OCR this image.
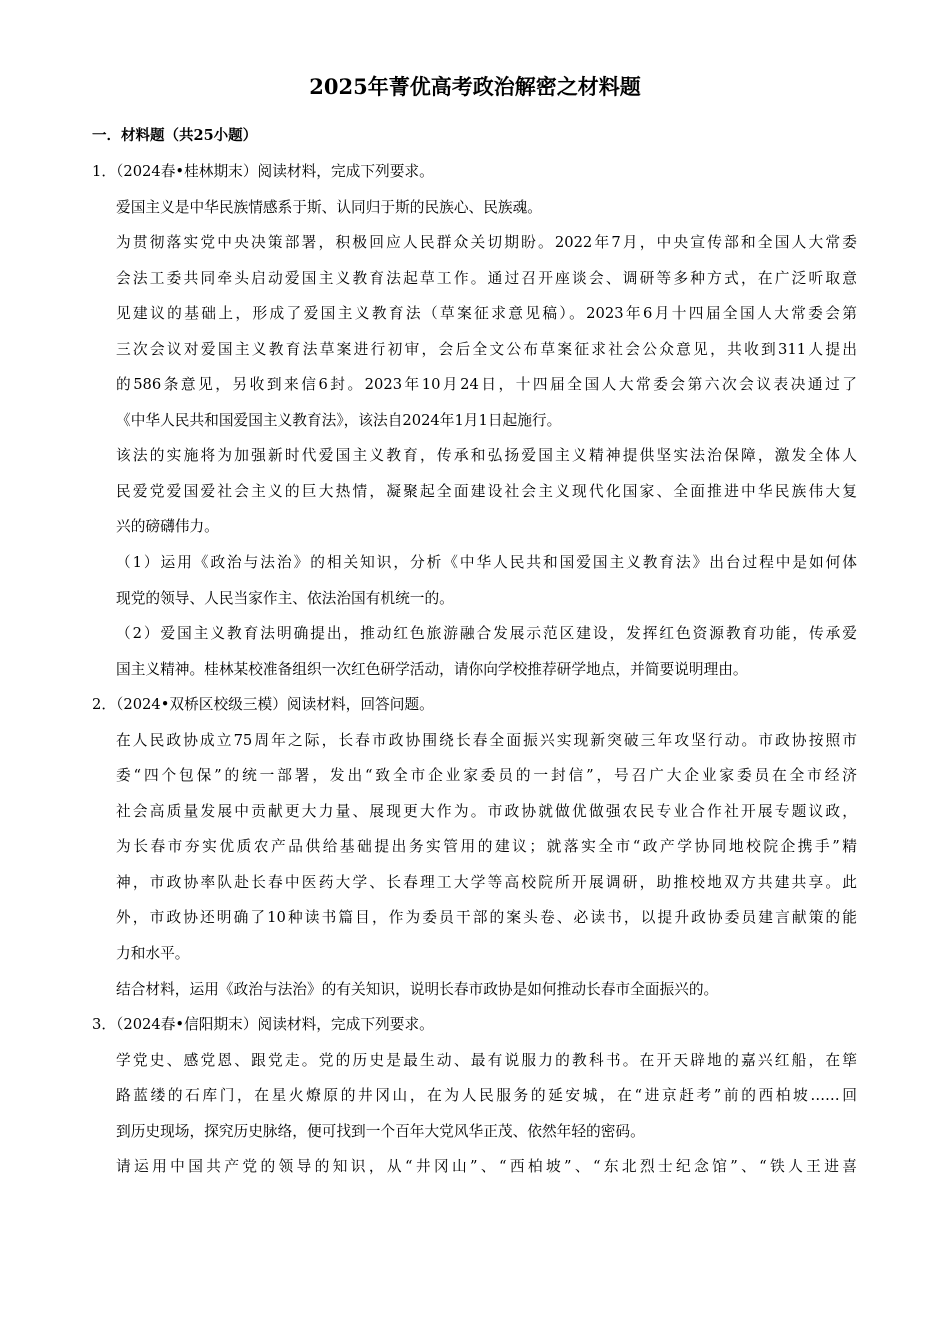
2025年菁优高考政治解密之材料题
一．材料题（共25小题）
1．（2024春•桂林期末）阅读材料，完成下列要求。
爱国主义是中华民族情感系于斯、认同归于斯的民族心、民族魂。
为贯彻落实党中央决策部署，积极回应人民群众关切期盼。2022年7月，中央宣传部和全国人大常委
会法工委共同牵头启动爱国主义教育法起草工作。通过召开座谈会、调研等多种方式，在广泛听取意
见建议的基础上，形成了爱国主义教育法（草案征求意见稿）。2023年6月十四届全国人大常委会第
三次会议对爱国主义教育法草案进行初审，会后全文公布草案征求社会公众意见，共收到311人提出
的586条意见，另收到来信6封。2023年10月24日，十四届全国人大常委会第六次会议表决通过了
《中华人民共和国爱国主义教育法》，该法自2024年1月1日起施行。
该法的实施将为加强新时代爱国主义教育，传承和弘扬爱国主义精神提供坚实法治保障，激发全体人
民爱党爱国爱社会主义的巨大热情，凝聚起全面建设社会主义现代化国家、全面推进中华民族伟大复
兴的磅礴伟力。
（1）运用《政治与法治》的相关知识，分析《中华人民共和国爱国主义教育法》出台过程中是如何体
现党的领导、人民当家作主、依法治国有机统一的。
（2）爱国主义教育法明确提出，推动红色旅游融合发展示范区建设，发挥红色资源教育功能，传承爱
国主义精神。桂林某校准备组织一次红色研学活动，请你向学校推荐研学地点，并简要说明理由。
2．（2024•双桥区校级三模）阅读材料，回答问题。
在人民政协成立75周年之际，长春市政协围绕长春全面振兴实现新突破三年攻坚行动。市政协按照市
委“四个包保”的统一部署，发出“致全市企业家委员的一封信”，号召广大企业家委员在全市经济
社会高质量发展中贡献更大力量、展现更大作为。市政协就做优做强农民专业合作社开展专题议政，
为长春市夯实优质农产品供给基础提出务实管用的建议；就落实全市“政产学协同地校院企携手”精
神，市政协率队赴长春中医药大学、长春理工大学等高校院所开展调研，助推校地双方共建共享。此
外，市政协还明确了10种读书篇目，作为委员干部的案头卷、必读书，以提升政协委员建言献策的能
力和水平。
结合材料，运用《政治与法治》的有关知识，说明长春市政协是如何推动长春市全面振兴的。
3．（2024春•信阳期末）阅读材料，完成下列要求。
学党史、感党恩、跟党走。党的历史是最生动、最有说服力的教科书。在开天辟地的嘉兴红船，在筚
路蓝缕的石库门，在星火燎原的井冈山，在为人民服务的延安城，在“进京赶考”前的西柏坡……回
到历史现场，探究历史脉络，便可找到一个百年大党风华正茂、依然年轻的密码。
请运用中国共产党的领导的知识，从“井冈山”、“西柏坡”、“东北烈士纪念馆”、“铁人王进喜
